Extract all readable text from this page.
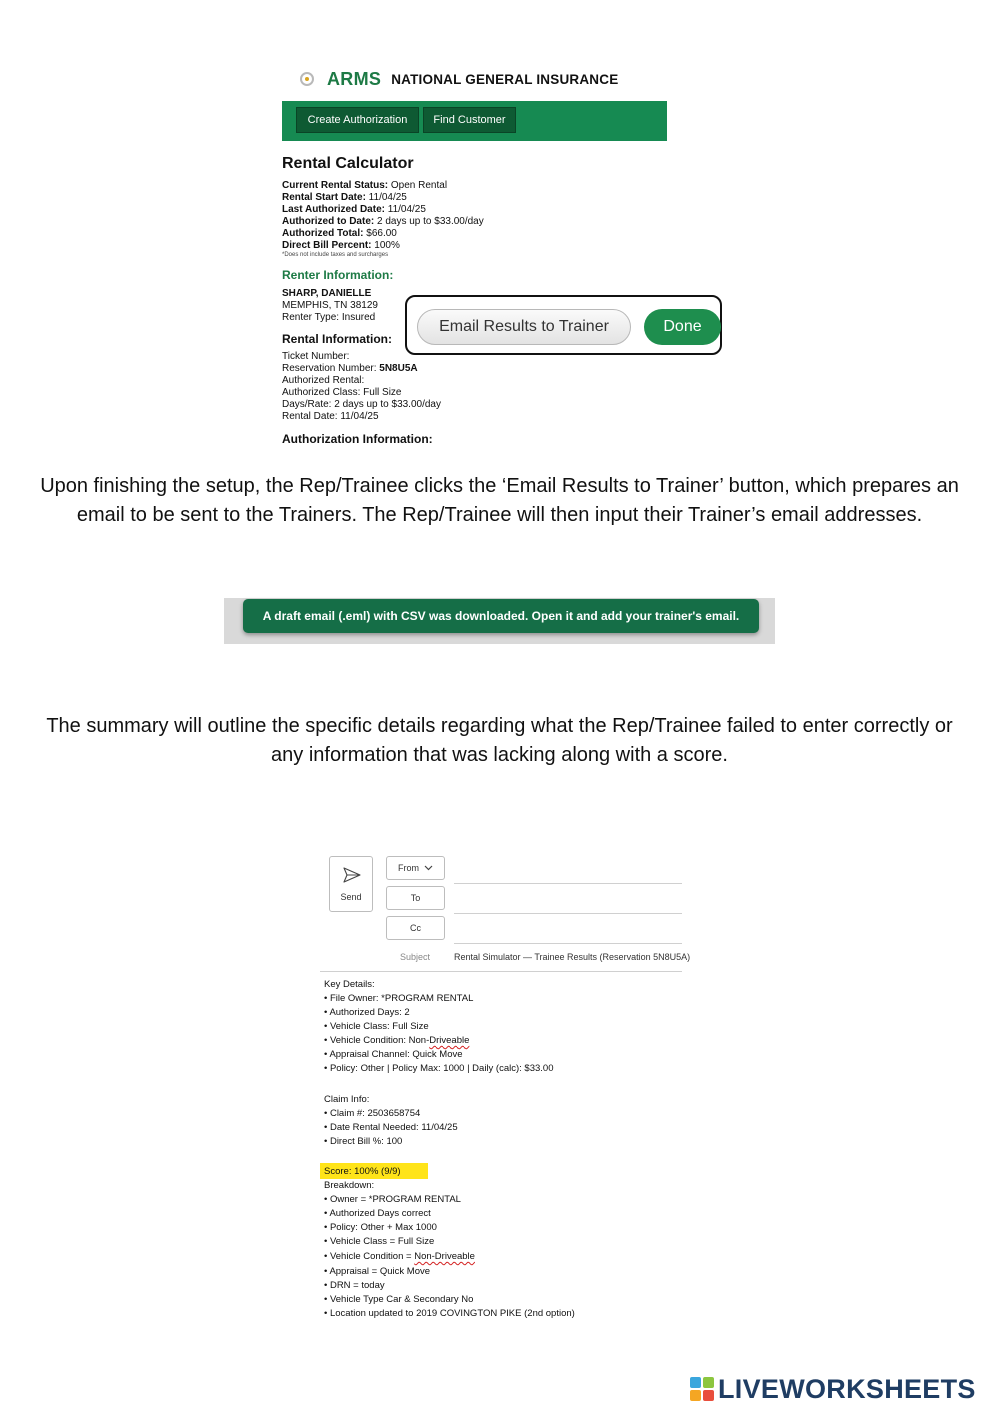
ARMS NATIONAL GENERAL INSURANCE
Create Authorization	Find Customer
Rental Calculator
Current Rental Status: Open Rental
Rental Start Date: 11/04/25
Last Authorized Date: 11/04/25
Authorized to Date: 2 days up to $33.00/day
Authorized Total: $66.00
Direct Bill Percent: 100%
*Does not include taxes and surcharges
Renter Information:
SHARP, DANIELLE
MEMPHIS, TN 38129
Renter Type: Insured
Rental Information:
Ticket Number:
Reservation Number: 5N8U5A
Authorized Rental:
Authorized Class: Full Size
Days/Rate: 2 days up to $33.00/day
Rental Date: 11/04/25
Authorization Information:
Email Results to Trainer	Done
Upon finishing the setup, the Rep/Trainee clicks the ‘Email Results to Trainer’ button, which prepares an email to be sent to the Trainers. The Rep/Trainee will then input their Trainer’s email addresses.
A draft email (.eml) with CSV was downloaded. Open it and add your trainer's email.
The summary will outline the specific details regarding what the Rep/Trainee failed to enter correctly or any information that was lacking along with a score.
Send
From
To
Cc
Subject	Rental Simulator — Trainee Results (Reservation 5N8U5A)
Key Details:
• File Owner: *PROGRAM RENTAL
• Authorized Days: 2
• Vehicle Class: Full Size
• Vehicle Condition: Non-Driveable
• Appraisal Channel: Quick Move
• Policy: Other | Policy Max: 1000 | Daily (calc): $33.00
Claim Info:
• Claim #: 2503658754
• Date Rental Needed: 11/04/25
• Direct Bill %: 100
Score: 100% (9/9)
Breakdown:
• Owner = *PROGRAM RENTAL
• Authorized Days correct
• Policy: Other + Max 1000
• Vehicle Class = Full Size
• Vehicle Condition = Non-Driveable
• Appraisal = Quick Move
• DRN = today
• Vehicle Type Car & Secondary No
• Location updated to 2019 COVINGTON PIKE (2nd option)
LIVEWORKSHEETS
